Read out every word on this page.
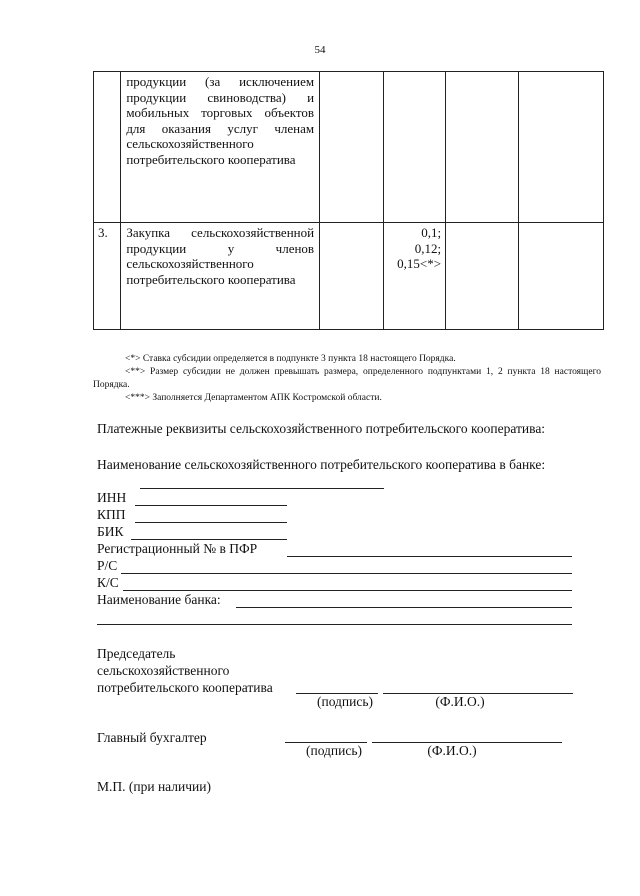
54
	продукции (за исключением продукции свиноводства) и мобильных торговых объектов для оказания услуг членам сельскохозяйственного потребительского кооператива				
3.	Закупка сельскохозяйственной продукции у членов сельскохозяйственного потребительского кооператива		0,1;
0,12;
0,15<*>		

<*> Ставка субсидии определяется в подпункте 3 пункта 18 настоящего Порядка.
<**> Размер субсидии не должен превышать размера, определенного подпунктами 1, 2 пункта 18 настоящего Порядка.
<***> Заполняется Департаментом АПК Костромской области.
Платежные реквизиты сельскохозяйственного потребительского кооператива:
Наименование сельскохозяйственного потребительского кооператива в банке:
ИНН
КПП
БИК
Регистрационный № в ПФР
Р/С
К/С
Наименование банка:
Председатель
сельскохозяйственного
потребительского кооператива
(подпись)	(Ф.И.О.)
Главный бухгалтер
(подпись)	(Ф.И.О.)
М.П. (при наличии)
